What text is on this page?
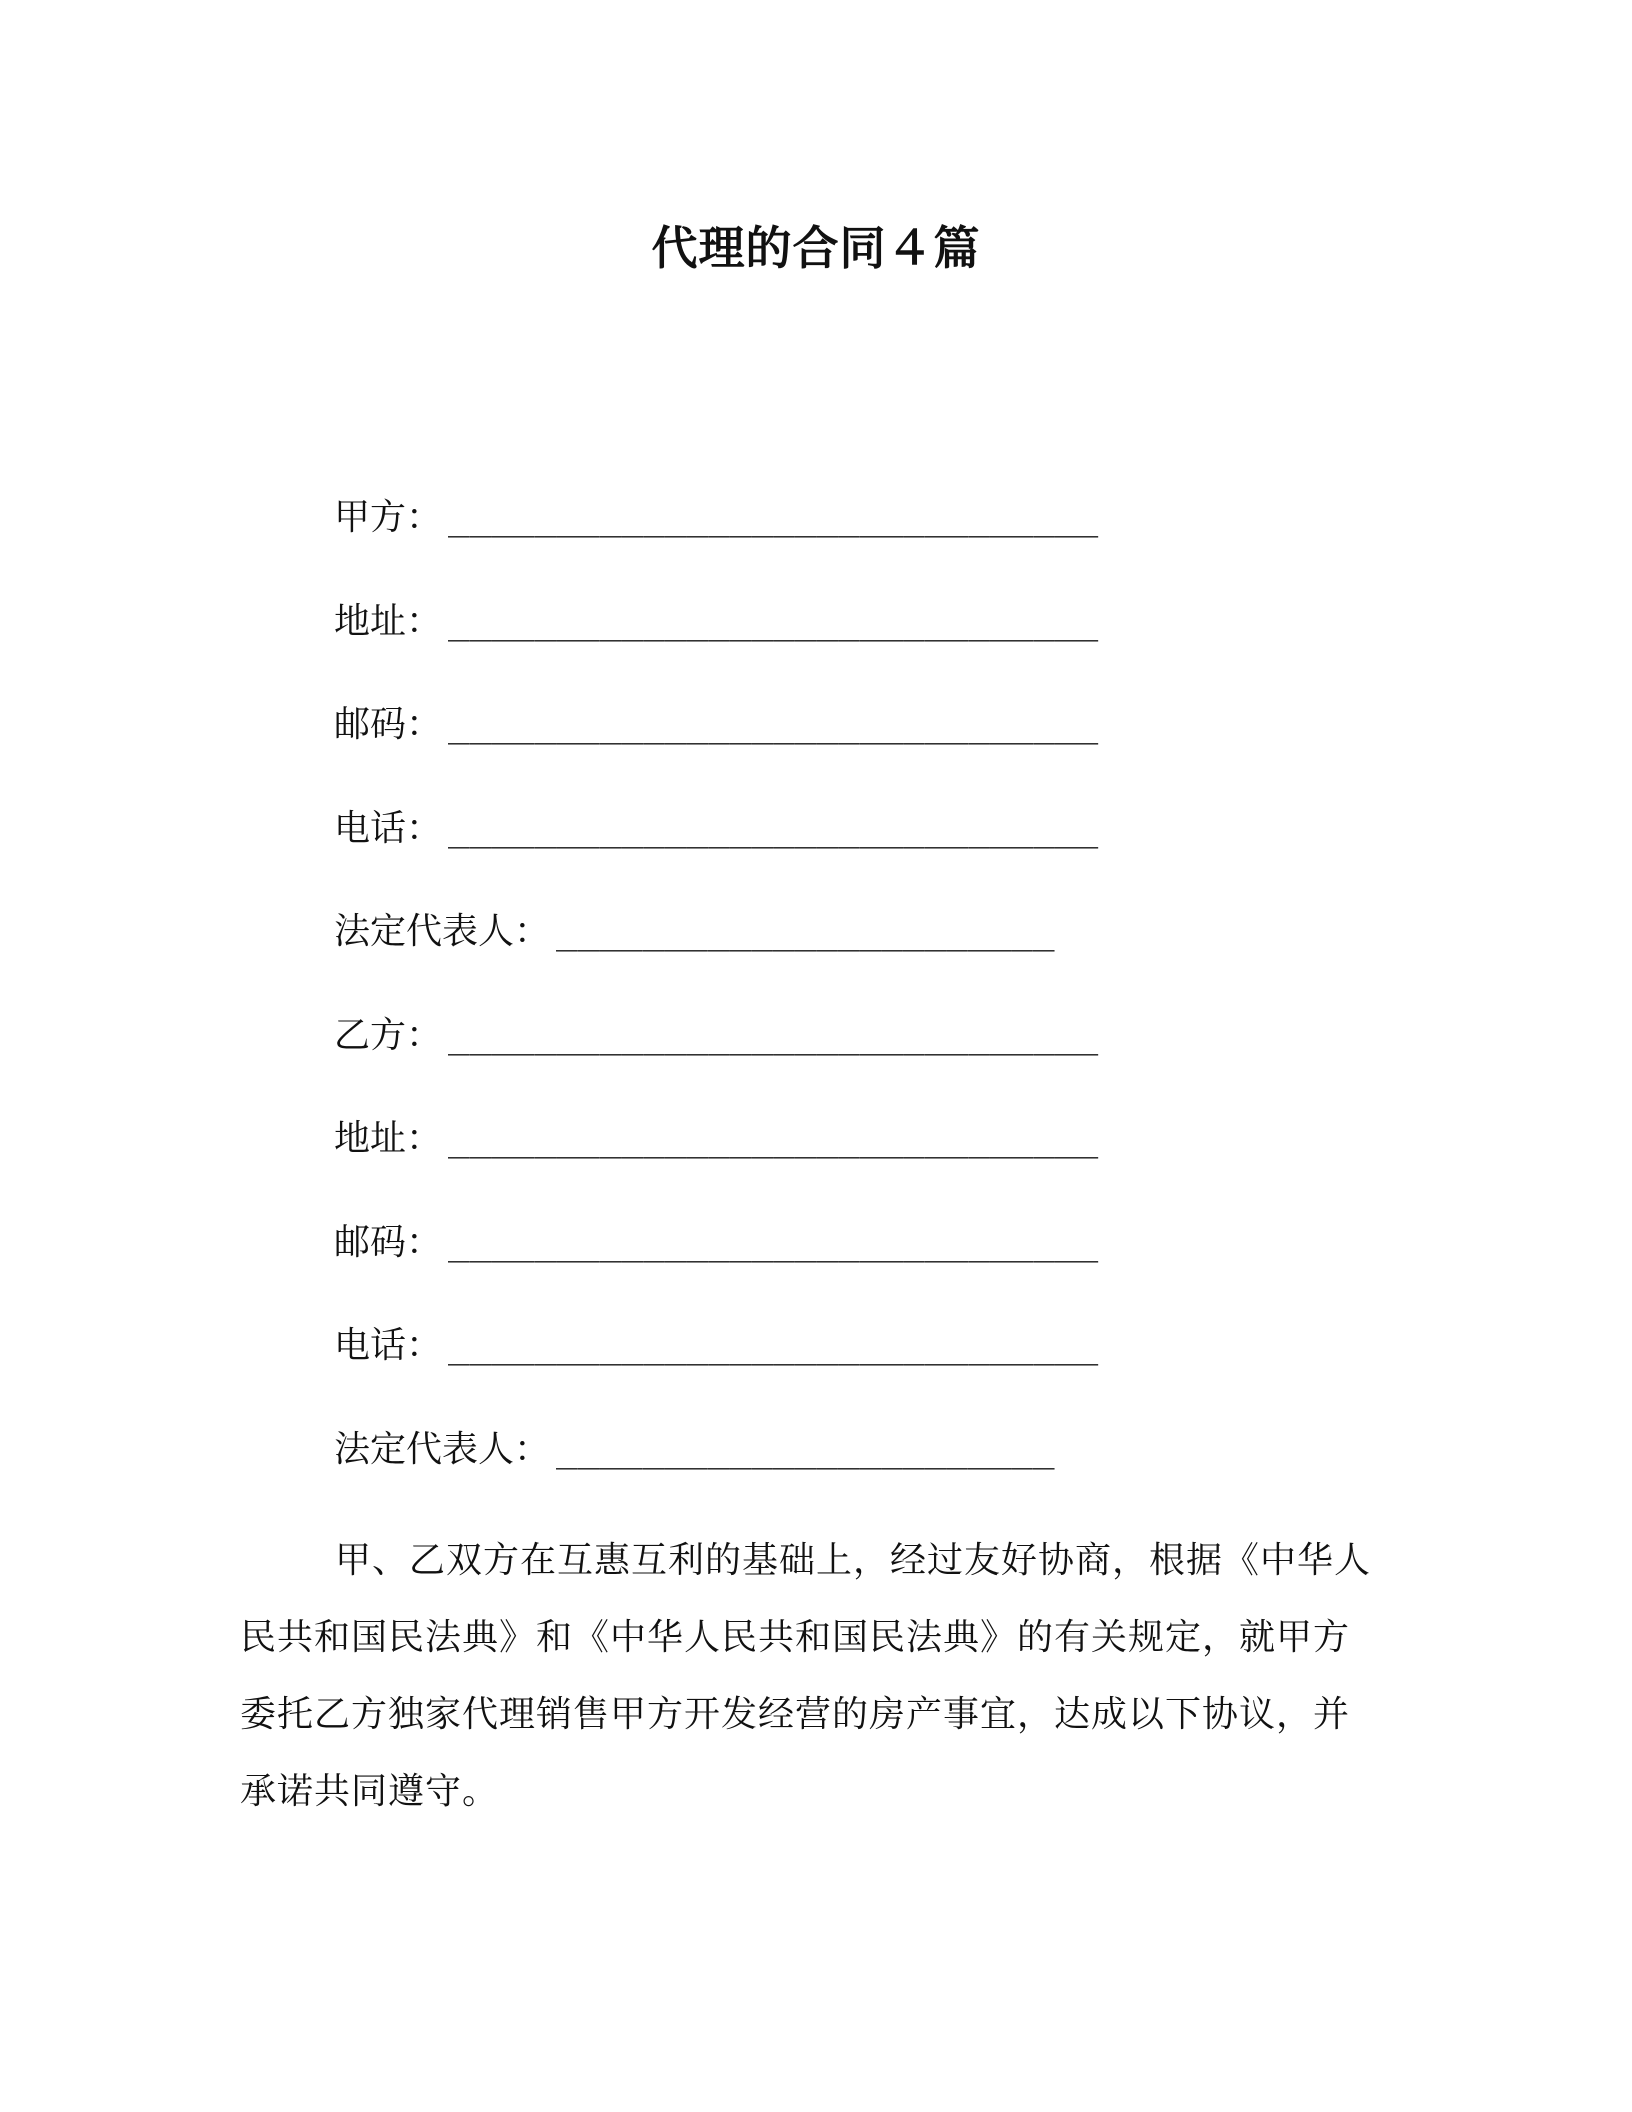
代理的合同４篇
甲方： ______________________________
地址： ______________________________
邮码： ______________________________
电话： ______________________________
法定代表人： _______________________
乙方： ______________________________
地址： ______________________________
邮码： ______________________________
电话： ______________________________
法定代表人： _______________________

甲、乙双方在互惠互利的基础上，经过友好协商，根据《中华人民共和国民法典》和《中华人民共和国民法典》的有关规定，就甲方委托乙方独家代理销售甲方开发经营的房产事宜，达成以下协议，并承诺共同遵守。
